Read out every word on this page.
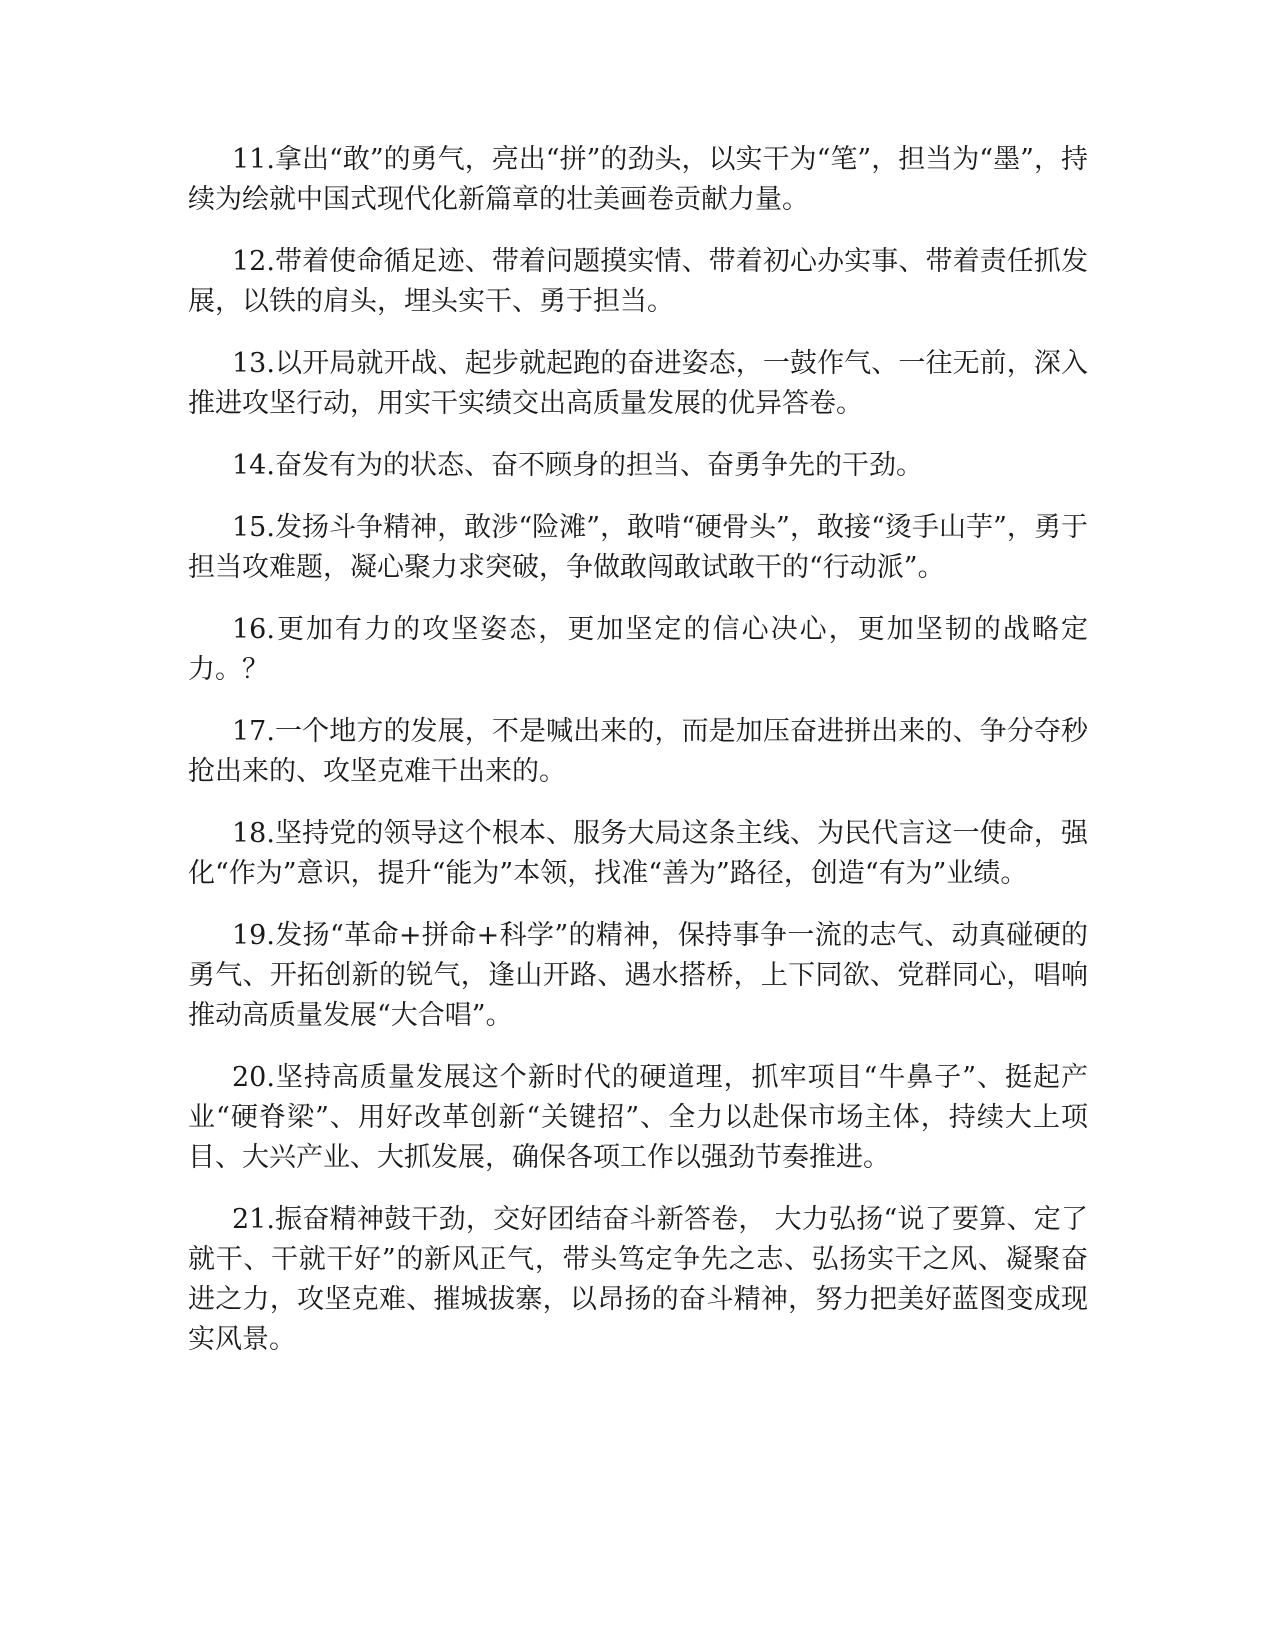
11.拿出“敢”的勇气，亮出“拼”的劲头，以实干为“笔”，担当为“墨”，持续为绘就中国式现代化新篇章的壮美画卷贡献力量。

12.带着使命循足迹、带着问题摸实情、带着初心办实事、带着责任抓发展，以铁的肩头，埋头实干、勇于担当。

13.以开局就开战、起步就起跑的奋进姿态，一鼓作气、一往无前，深入推进攻坚行动，用实干实绩交出高质量发展的优异答卷。

14.奋发有为的状态、奋不顾身的担当、奋勇争先的干劲。

15.发扬斗争精神，敢涉“险滩”，敢啃“硬骨头”，敢接“烫手山芋”，勇于担当攻难题，凝心聚力求突破，争做敢闯敢试敢干的“行动派”。

16.更加有力的攻坚姿态，更加坚定的信心决心，更加坚韧的战略定力。？

17.一个地方的发展，不是喊出来的，而是加压奋进拼出来的、争分夺秒抢出来的、攻坚克难干出来的。

18.坚持党的领导这个根本、服务大局这条主线、为民代言这一使命，强化“作为”意识，提升“能为”本领，找准“善为”路径，创造“有为”业绩。

19.发扬“革命+拼命+科学”的精神，保持事争一流的志气、动真碰硬的勇气、开拓创新的锐气，逢山开路、遇水搭桥，上下同欲、党群同心，唱响推动高质量发展“大合唱”。

20.坚持高质量发展这个新时代的硬道理，抓牢项目“牛鼻子”、挺起产业“硬脊梁”、用好改革创新“关键招”、全力以赴保市场主体，持续大上项目、大兴产业、大抓发展，确保各项工作以强劲节奏推进。

21.振奋精神鼓干劲，交好团结奋斗新答卷， 大力弘扬“说了要算、定了就干、干就干好”的新风正气，带头笃定争先之志、弘扬实干之风、凝聚奋进之力，攻坚克难、摧城拔寨，以昂扬的奋斗精神，努力把美好蓝图变成现实风景。
